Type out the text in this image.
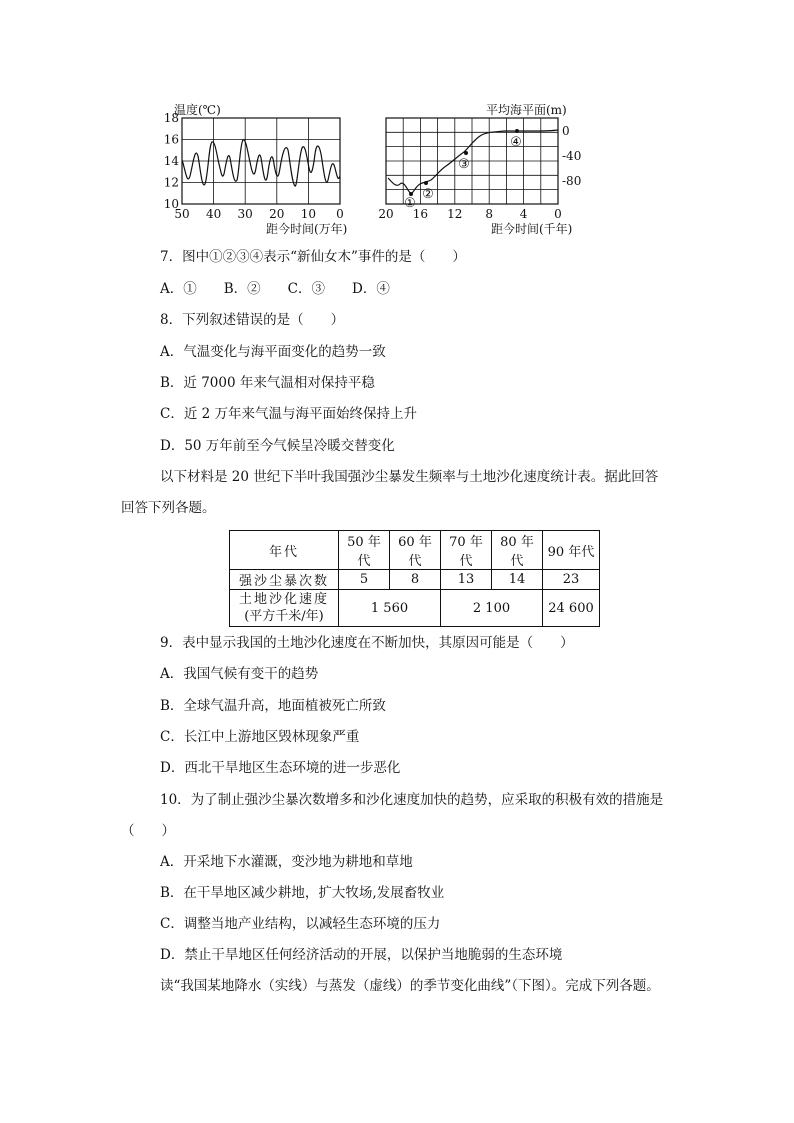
温度(℃)
18
16
14
12
10
50 40 30 20 10 0
距今时间(万年)
平均海平面(m)
①
②
③
④
0
-40
-80
20 16 12 8 4 0
距今时间(千年)
7．图中①②③④表示“新仙女木”事件的是（　　）
A．①　　B．②　　C．③　　D．④
8．下列叙述错误的是（　　）
A．气温变化与海平面变化的趋势一致
B．近 7000 年来气温相对保持平稳
C．近 2 万年来气温与海平面始终保持上升
D．50 万年前至今气候呈冷暖交替变化
以下材料是 20 世纪下半叶我国强沙尘暴发生频率与土地沙化速度统计表。据此回答
回答下列各题。
年代	50 年代	60 年代	70 年代	80 年代	90 年代
强沙尘暴次数	5	8	13	14	23

土地沙化速度
(平方千米/年)	1 560		2 100		24 600
9．表中显示我国的土地沙化速度在不断加快，其原因可能是（　　）
A．我国气候有变干的趋势
B．全球气温升高，地面植被死亡所致
C．长江中上游地区毁林现象严重
D．西北干旱地区生态环境的进一步恶化
10．为了制止强沙尘暴次数增多和沙化速度加快的趋势，应采取的积极有效的措施是
（　　）
A．开采地下水灌溉，变沙地为耕地和草地
B．在干旱地区减少耕地，扩大牧场,发展畜牧业
C．调整当地产业结构，以减轻生态环境的压力
D．禁止干旱地区任何经济活动的开展，以保护当地脆弱的生态环境
读“我国某地降水（实线）与蒸发（虚线）的季节变化曲线”（下图）。完成下列各题。
